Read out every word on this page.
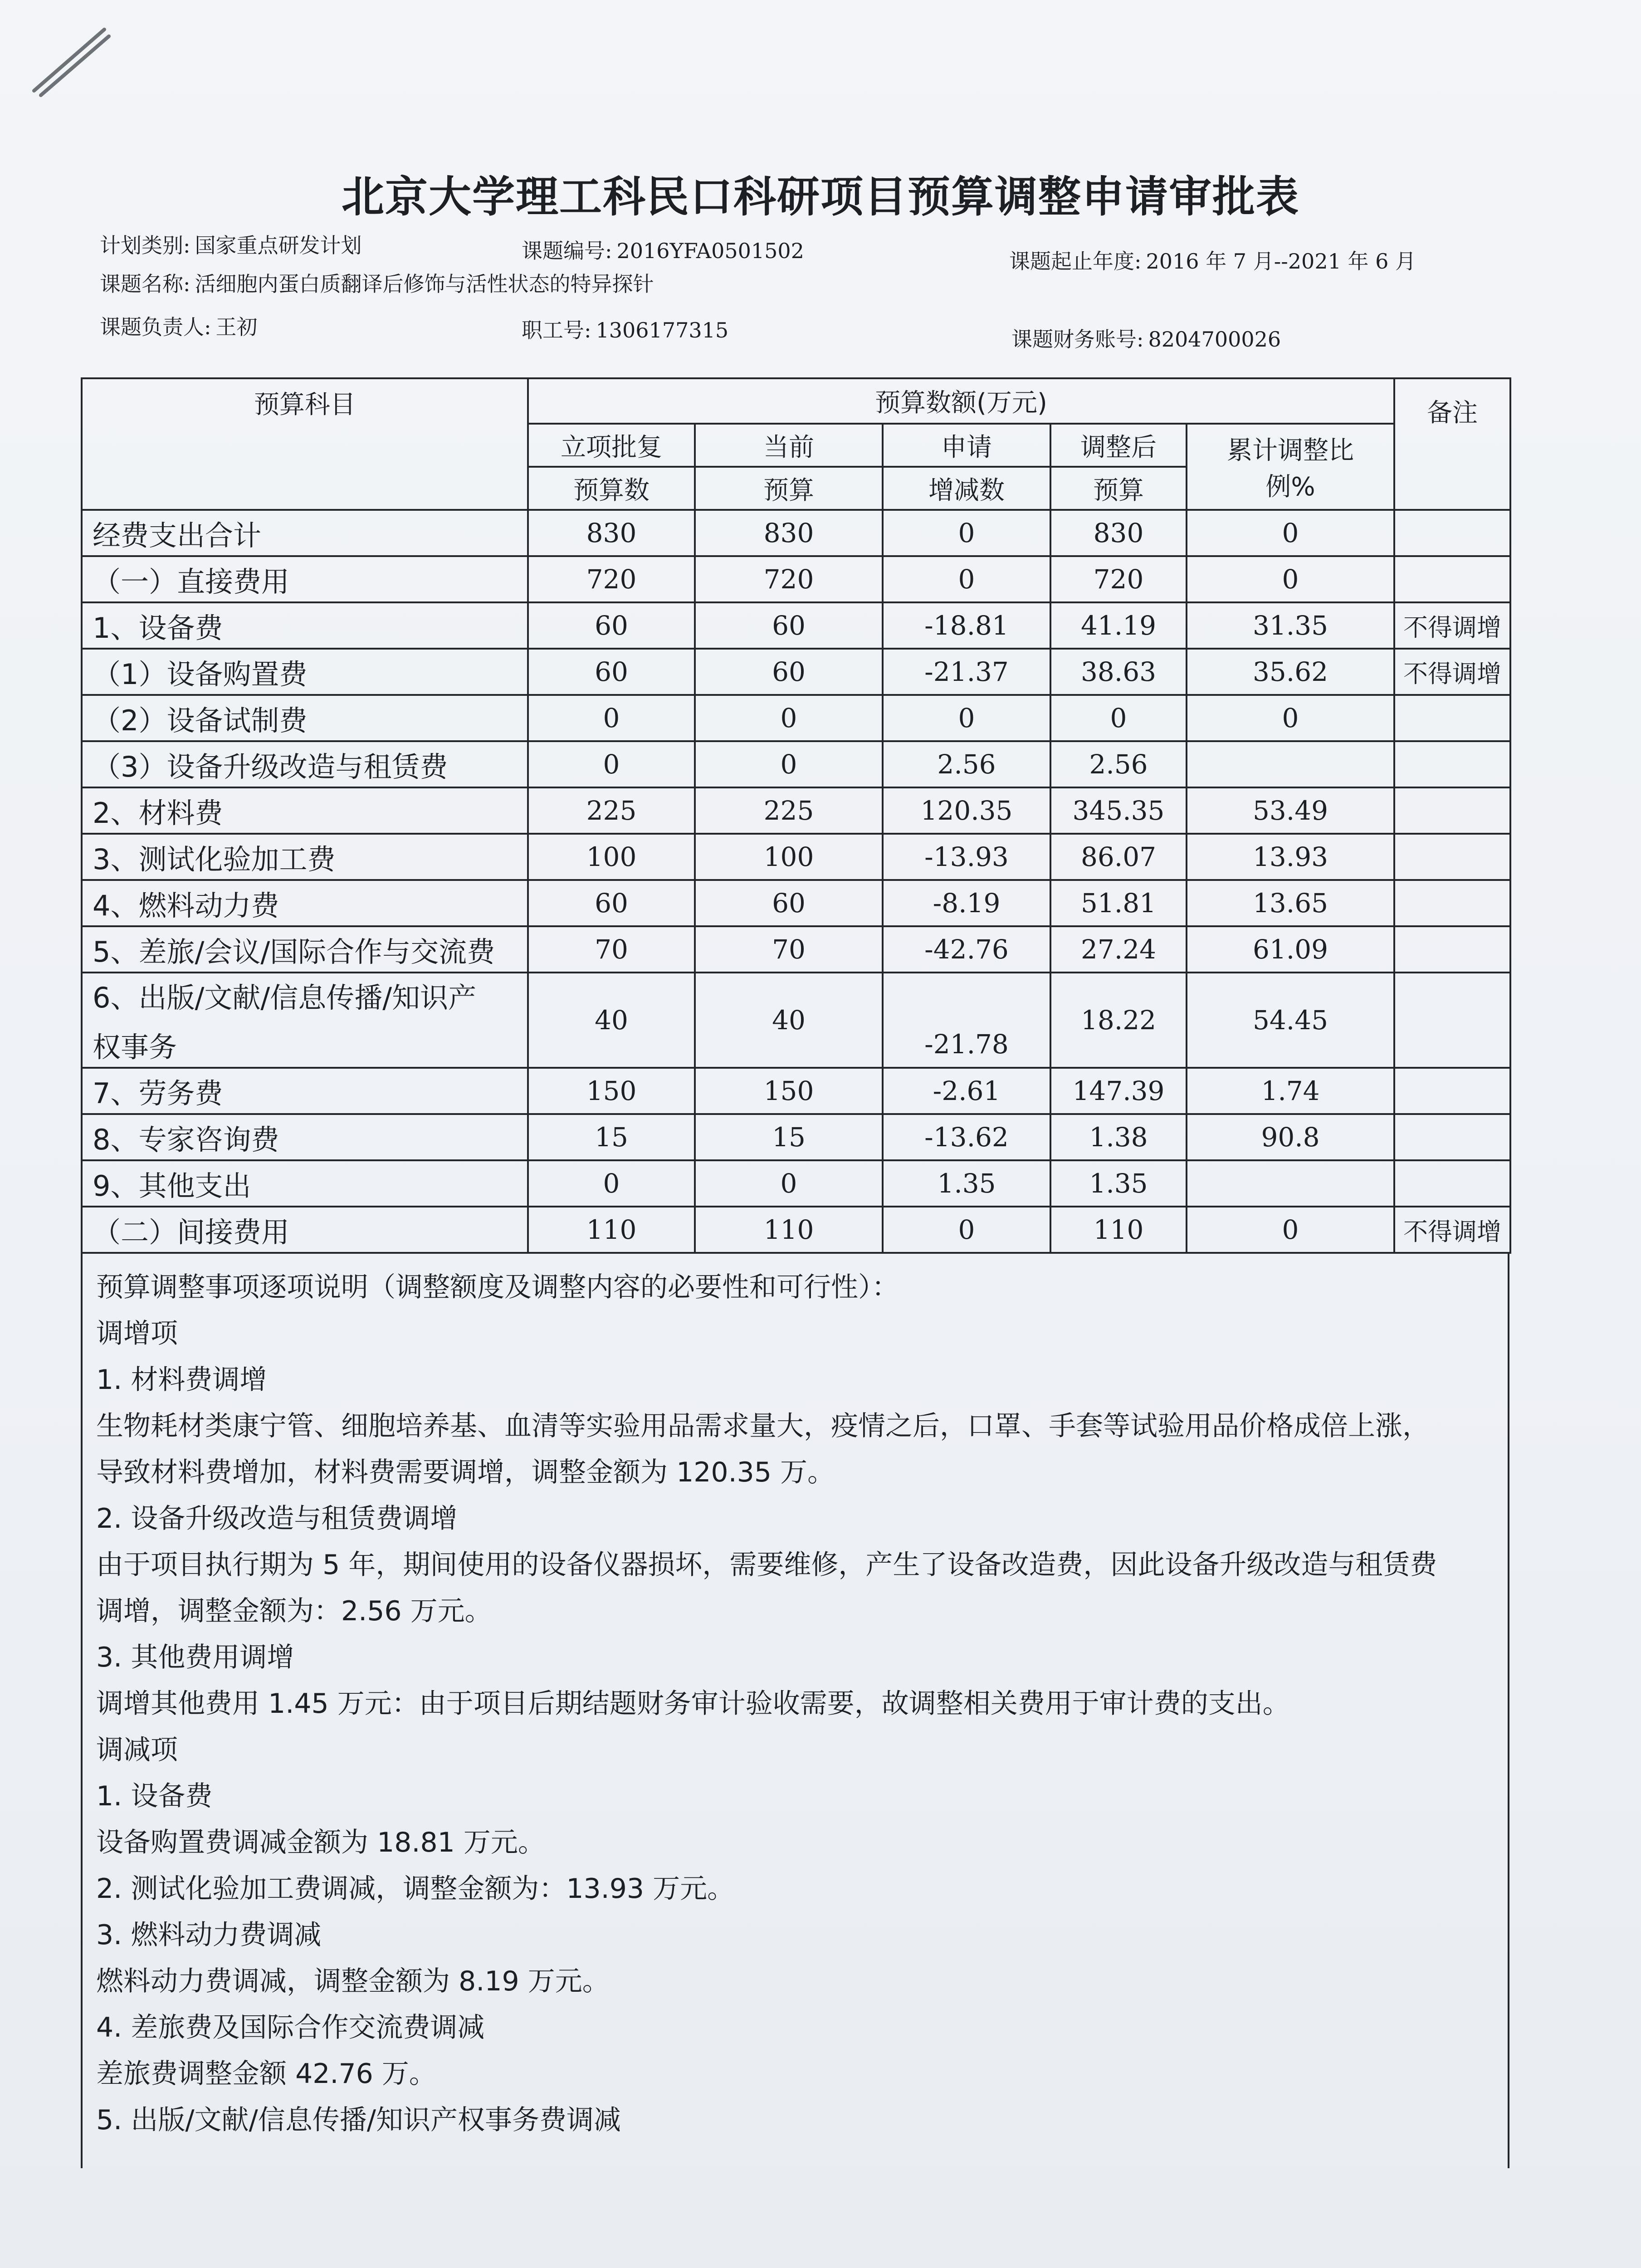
北京大学理工科民口科研项目预算调整申请审批表
计划类别: 国家重点研发计划	课题编号: 2016YFA0501502	课题起止年度: 2016 年 7 月--2021 年 6 月
课题名称: 活细胞内蛋白质翻译后修饰与活性状态的特异探针
课题负责人: 王初	职工号: 1306177315	课题财务账号: 8204700026
预算科目	预算数额(万元)					备注
	立项批复	当前	申请	调整后	累计调整比
例%	

	预算数	预算	增减数	预算		
经费支出合计	830	830	0	830	0	
（一）直接费用	720	720	0	720	0	
1、设备费	60	60	-18.81	41.19	31.35	不得调增
（1）设备购置费	60	60	-21.37	38.63	35.62	不得调增
（2）设备试制费	0	0	0	0	0	
（3）设备升级改造与租赁费	0	0	2.56	2.56		
2、材料费	225	225	120.35	345.35	53.49	
3、测试化验加工费	100	100	-13.93	86.07	13.93	
4、燃料动力费	60	60	-8.19	51.81	13.65	
5、差旅/会议/国际合作与交流费	70	70	-42.76	27.24	61.09	

6、出版/文献/信息传播/知识产
权事务	40	40	-21.78	18.22	54.45	
7、劳务费	150	150	-2.61	147.39	1.74	
8、专家咨询费	15	15	-13.62	1.38	90.8	
9、其他支出	0	0	1.35	1.35		
（二）间接费用	110	110	0	110	0	不得调增
预算调整事项逐项说明（调整额度及调整内容的必要性和可行性）：
调增项
1. 材料费调增
生物耗材类康宁管、细胞培养基、血清等实验用品需求量大，疫情之后，口罩、手套等试验用品价格成倍上涨，
导致材料费增加，材料费需要调增，调整金额为 120.35 万。
2. 设备升级改造与租赁费调增
由于项目执行期为 5 年，期间使用的设备仪器损坏，需要维修，产生了设备改造费，因此设备升级改造与租赁费
调增，调整金额为：2.56 万元。
3. 其他费用调增
调增其他费用 1.45 万元：由于项目后期结题财务审计验收需要，故调整相关费用于审计费的支出。
调减项
1. 设备费
设备购置费调减金额为 18.81 万元。
2. 测试化验加工费调减，调整金额为：13.93 万元。
3. 燃料动力费调减
燃料动力费调减，调整金额为 8.19 万元。
4. 差旅费及国际合作交流费调减
差旅费调整金额 42.76 万。
5. 出版/文献/信息传播/知识产权事务费调减
